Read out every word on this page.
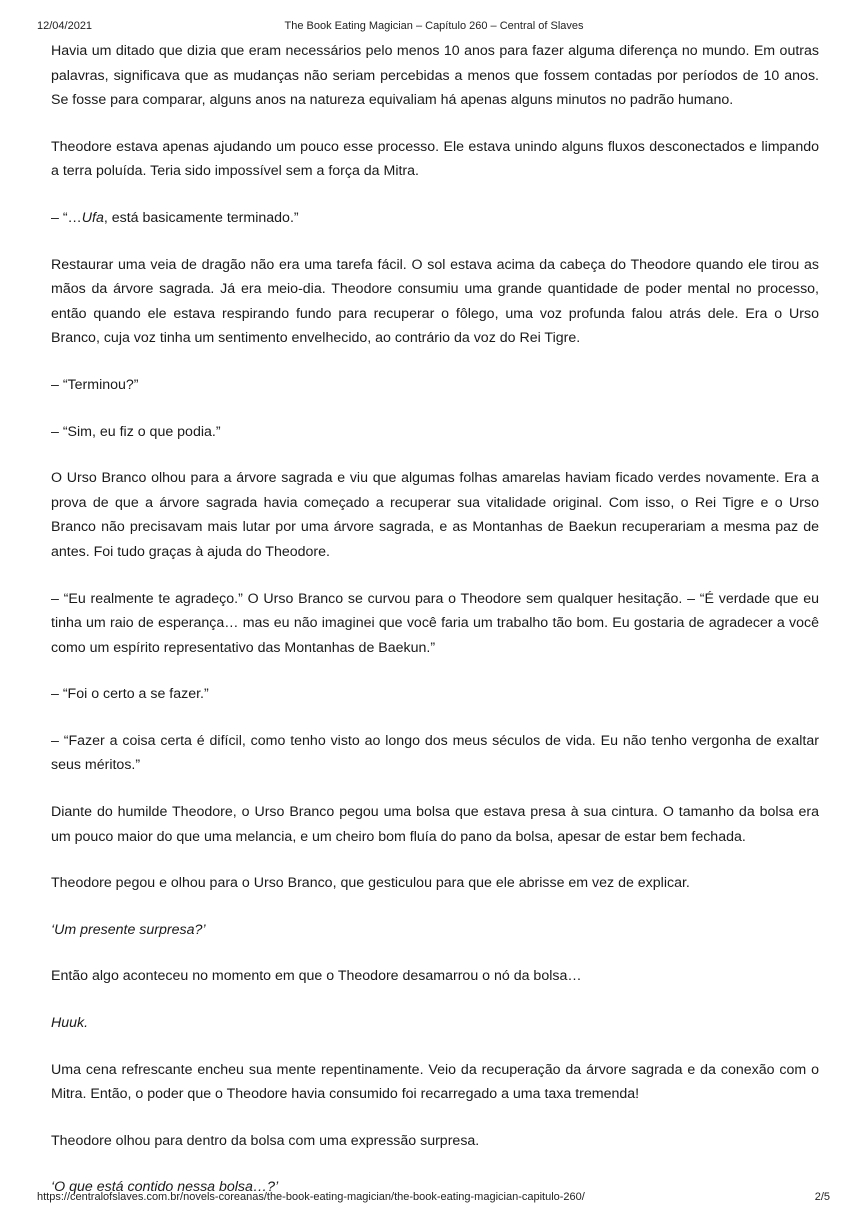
12/04/2021	The Book Eating Magician – Capítulo 260 – Central of Slaves

Havia um ditado que dizia que eram necessários pelo menos 10 anos para fazer alguma diferença no mundo. Em outras palavras, significava que as mudanças não seriam percebidas a menos que fossem contadas por períodos de 10 anos. Se fosse para comparar, alguns anos na natureza equivaliam há apenas alguns minutos no padrão humano.

Theodore estava apenas ajudando um pouco esse processo. Ele estava unindo alguns fluxos desconectados e limpando a terra poluída. Teria sido impossível sem a força da Mitra.

– “…Ufa, está basicamente terminado.”

Restaurar uma veia de dragão não era uma tarefa fácil. O sol estava acima da cabeça do Theodore quando ele tirou as mãos da árvore sagrada. Já era meio-dia. Theodore consumiu uma grande quantidade de poder mental no processo, então quando ele estava respirando fundo para recuperar o fôlego, uma voz profunda falou atrás dele. Era o Urso Branco, cuja voz tinha um sentimento envelhecido, ao contrário da voz do Rei Tigre.

– “Terminou?”

– “Sim, eu fiz o que podia.”

O Urso Branco olhou para a árvore sagrada e viu que algumas folhas amarelas haviam ficado verdes novamente. Era a prova de que a árvore sagrada havia começado a recuperar sua vitalidade original. Com isso, o Rei Tigre e o Urso Branco não precisavam mais lutar por uma árvore sagrada, e as Montanhas de Baekun recuperariam a mesma paz de antes. Foi tudo graças à ajuda do Theodore.

– “Eu realmente te agradeço.” O Urso Branco se curvou para o Theodore sem qualquer hesitação. – “É verdade que eu tinha um raio de esperança… mas eu não imaginei que você faria um trabalho tão bom. Eu gostaria de agradecer a você como um espírito representativo das Montanhas de Baekun.”

– “Foi o certo a se fazer.”

– “Fazer a coisa certa é difícil, como tenho visto ao longo dos meus séculos de vida. Eu não tenho vergonha de exaltar seus méritos.”

Diante do humilde Theodore, o Urso Branco pegou uma bolsa que estava presa à sua cintura. O tamanho da bolsa era um pouco maior do que uma melancia, e um cheiro bom fluía do pano da bolsa, apesar de estar bem fechada.

Theodore pegou e olhou para o Urso Branco, que gesticulou para que ele abrisse em vez de explicar.

‘Um presente surpresa?’

Então algo aconteceu no momento em que o Theodore desamarrou o nó da bolsa…

Huuk.

Uma cena refrescante encheu sua mente repentinamente. Veio da recuperação da árvore sagrada e da conexão com o Mitra. Então, o poder que o Theodore havia consumido foi recarregado a uma taxa tremenda!

Theodore olhou para dentro da bolsa com uma expressão surpresa.

‘O que está contido nessa bolsa…?’

https://centralofslaves.com.br/novels-coreanas/the-book-eating-magician/the-book-eating-magician-capitulo-260/	2/5
